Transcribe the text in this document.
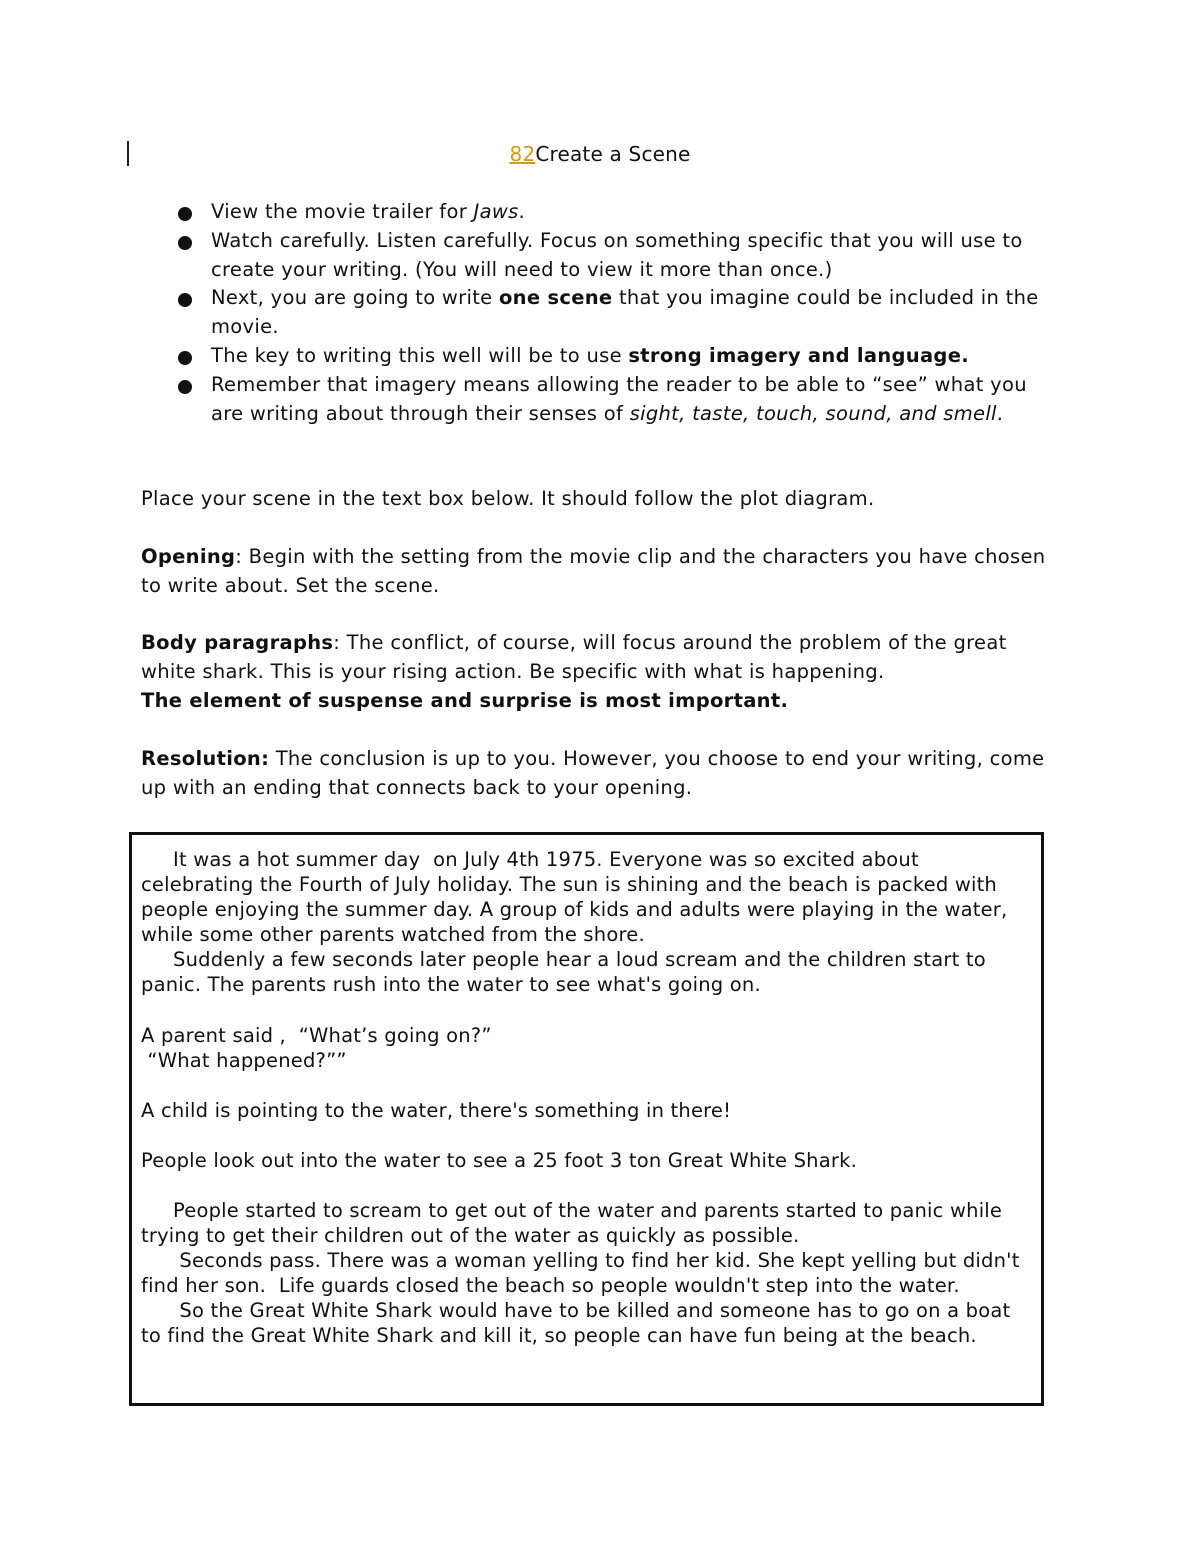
82Create a Scene
View the movie trailer for Jaws.
Watch carefully. Listen carefully. Focus on something specific that you will use to create your writing. (You will need to view it more than once.)
Next, you are going to write one scene that you imagine could be included in the movie.
The key to writing this well will be to use strong imagery and language.
Remember that imagery means allowing the reader to be able to “see” what you are writing about through their senses of sight, taste, touch, sound, and smell.

Place your scene in the text box below. It should follow the plot diagram.

Opening: Begin with the setting from the movie clip and the characters you have chosen to write about. Set the scene.

Body paragraphs: The conflict, of course, will focus around the problem of the great white shark. This is your rising action. Be specific with what is happening.
The element of suspense and surprise is most important.

Resolution: The conclusion is up to you. However, you choose to end your writing, come up with an ending that connects back to your opening.

It was a hot summer day  on July 4th 1975. Everyone was so excited about celebrating the Fourth of July holiday. The sun is shining and the beach is packed with people enjoying the summer day. A group of kids and adults were playing in the water, while some other parents watched from the shore.

Suddenly a few seconds later people hear a loud scream and the children start to panic. The parents rush into the water to see what's going on.

A parent said ,  “What’s going on?”

“What happened?””

A child is pointing to the water, there's something in there!

People look out into the water to see a 25 foot 3 ton Great White Shark.

People started to scream to get out of the water and parents started to panic while  trying to get their children out of the water as quickly as possible.

Seconds pass. There was a woman yelling to find her kid. She kept yelling but didn't find her son.  Life guards closed the beach so people wouldn't step into the water.

So the Great White Shark would have to be killed and someone has to go on a boat to find the Great White Shark and kill it, so people can have fun being at the beach.
